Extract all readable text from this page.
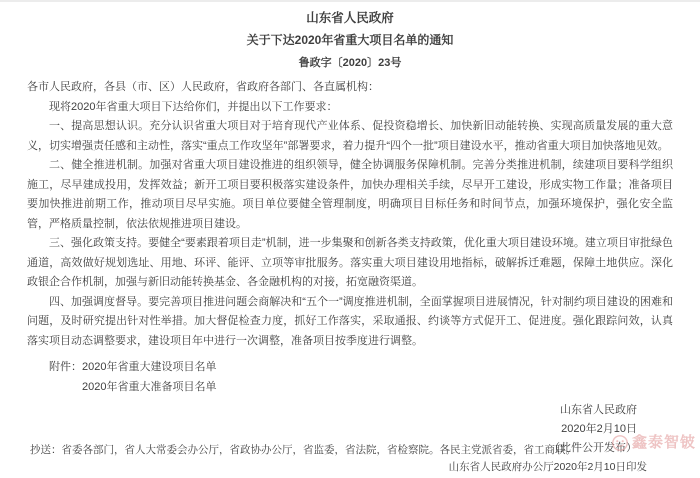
山东省人民政府
关于下达2020年省重大项目名单的通知
鲁政字〔2020〕23号

各市人民政府，各县（市、区）人民政府，省政府各部门、各直属机构：

现将2020年省重大项目下达给你们，并提出以下工作要求：

一、提高思想认识。充分认识省重大项目对于培育现代产业体系、促投资稳增长、加快新旧动能转换、实现高质量发展的重大意义，切实增强责任感和主动性，落实“重点工作攻坚年”部署要求，着力提升“四个一批”项目建设水平，推动省重大项目加快落地见效。

二、健全推进机制。加强对省重大项目建设推进的组织领导，健全协调服务保障机制。完善分类推进机制，续建项目要科学组织施工，尽早建成投用，发挥效益；新开工项目要积极落实建设条件，加快办理相关手续，尽早开工建设，形成实物工作量；准备项目要加快推进前期工作，推动项目尽早实施。项目单位要健全管理制度，明确项目目标任务和时间节点，加强环境保护，强化安全监管，严格质量控制，依法依规推进项目建设。

三、强化政策支持。要健全“要素跟着项目走”机制，进一步集聚和创新各类支持政策，优化重大项目建设环境。建立项目审批绿色通道，高效做好规划选址、用地、环评、能评、立项等审批服务。落实重大项目建设用地指标，破解拆迁难题，保障土地供应。深化政银企合作机制，加强与新旧动能转换基金、各金融机构的对接，拓宽融资渠道。

四、加强调度督导。要完善项目推进问题会商解决和“五个一”调度推进机制，全面掌握项目进展情况，针对制约项目建设的困难和问题，及时研究提出针对性举措。加大督促检查力度，抓好工作落实，采取通报、约谈等方式促开工、促进度。强化跟踪问效，认真落实项目动态调整要求，建设项目年中进行一次调整，准备项目按季度进行调整。

附件： 2020年省重大建设项目名单
2020年省重大准备项目名单
山东省人民政府
2020年2月10日
（此件公开发布）
抄送：省委各部门，省人大常委会办公厅，省政协办公厅，省监委，省法院，省检察院。各民主党派省委，省工商联。
山东省人民政府办公厅2020年2月10日印发
鑫泰智铍
